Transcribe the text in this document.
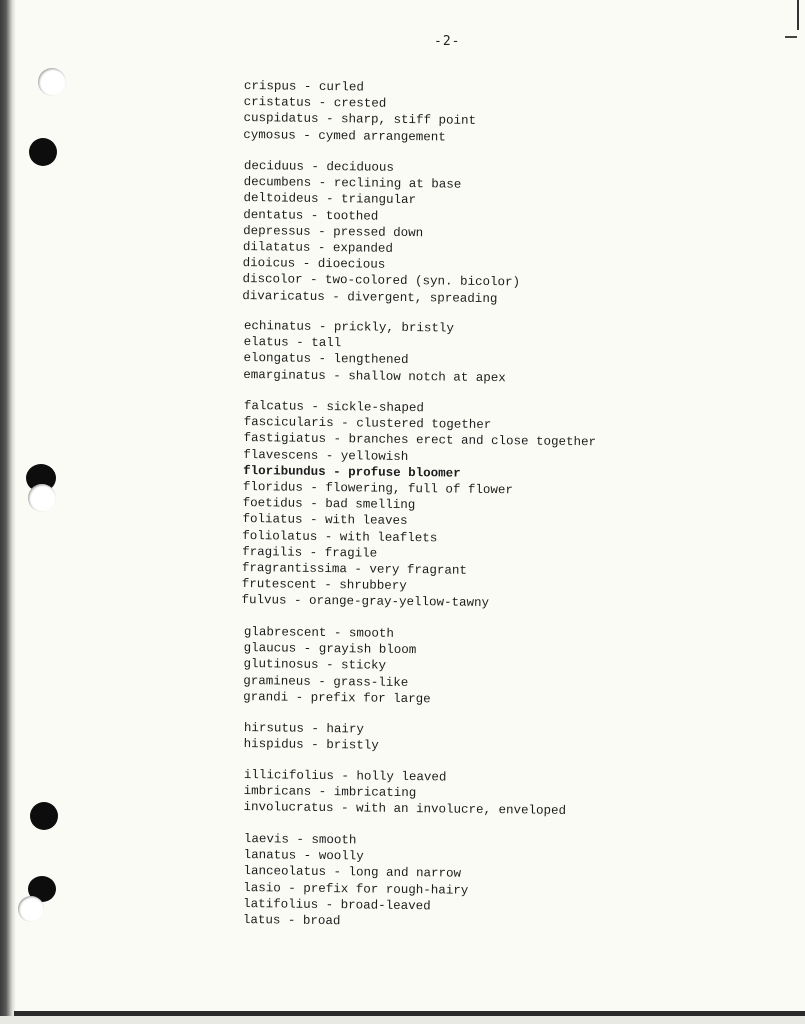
-2-
crispus - curled
cristatus - crested
cuspidatus - sharp, stiff point
cymosus - cymed arrangement
deciduus - deciduous
decumbens - reclining at base
deltoideus - triangular
dentatus - toothed
depressus - pressed down
dilatatus - expanded
dioicus - dioecious
discolor - two-colored (syn. bicolor)
divaricatus - divergent, spreading
echinatus - prickly, bristly
elatus - tall
elongatus - lengthened
emarginatus - shallow notch at apex
falcatus - sickle-shaped
fascicularis - clustered together
fastigiatus - branches erect and close together
flavescens - yellowish
floribundus - profuse bloomer
floridus - flowering, full of flower
foetidus - bad smelling
foliatus - with leaves
foliolatus - with leaflets
fragilis - fragile
fragrantissima - very fragrant
frutescent - shrubbery
fulvus - orange-gray-yellow-tawny
glabrescent - smooth
glaucus - grayish bloom
glutinosus - sticky
gramineus - grass-like
grandi - prefix for large
hirsutus - hairy
hispidus - bristly
illicifolius - holly leaved
imbricans - imbricating
involucratus - with an involucre, enveloped
laevis - smooth
lanatus - woolly
lanceolatus - long and narrow
lasio - prefix for rough-hairy
latifolius - broad-leaved
latus - broad
